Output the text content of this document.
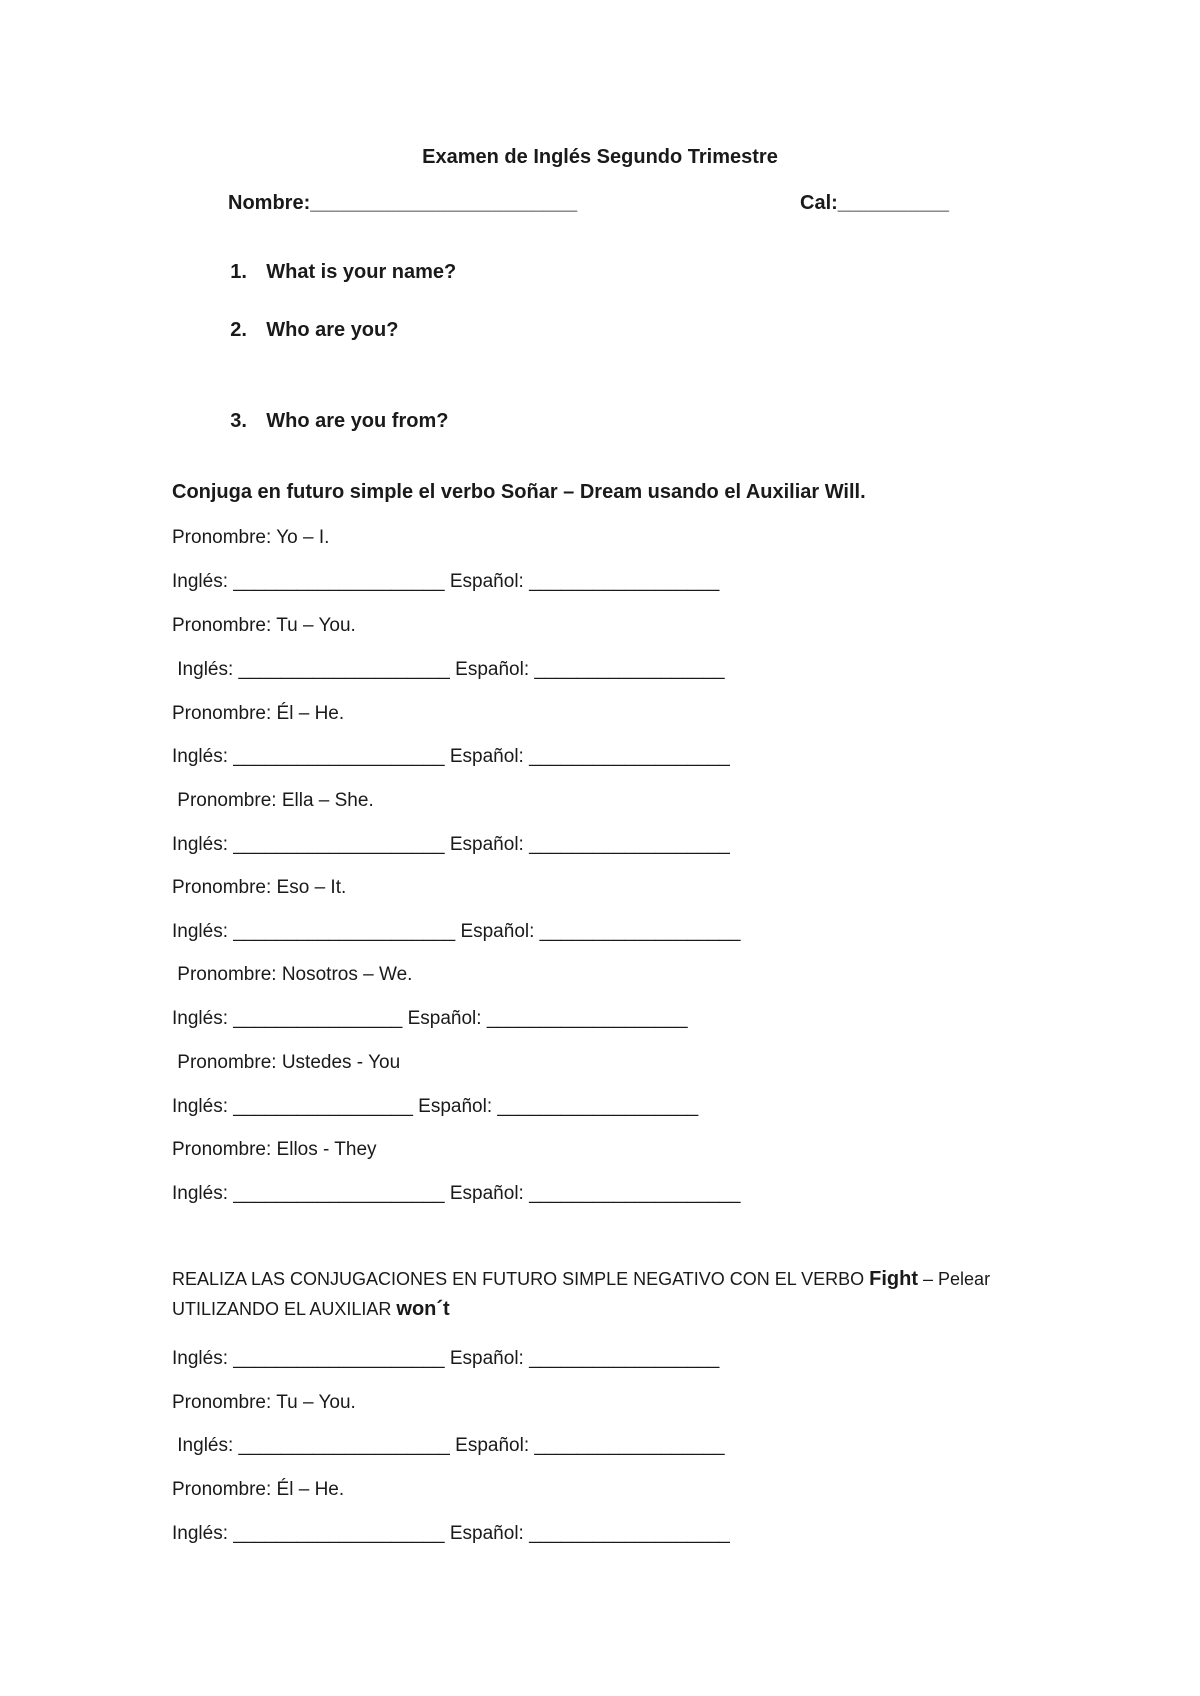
Examen de Inglés Segundo Trimestre
Nombre:________________________	Cal:__________

1. What is your name?

2. Who are you?

3. Who are you from?

Conjuga en futuro simple el verbo Soñar – Dream usando el Auxiliar Will.
Pronombre: Yo – I.
Inglés: ____________________ Español: __________________
Pronombre: Tu – You.
Inglés: ____________________ Español: __________________
Pronombre: Él – He.
Inglés: ____________________ Español: ___________________
Pronombre: Ella – She.
Inglés: ____________________ Español: ___________________
Pronombre: Eso – It.
Inglés: _____________________ Español: ___________________
Pronombre: Nosotros – We.
Inglés: ________________ Español: ___________________
Pronombre: Ustedes - You
Inglés: _________________ Español: ___________________
Pronombre: Ellos - They
Inglés: ____________________ Español: ____________________
REALIZA LAS CONJUGACIONES EN FUTURO SIMPLE NEGATIVO CON EL VERBO Fight – Pelear UTILIZANDO EL AUXILIAR won´t
Inglés: ____________________ Español: __________________
Pronombre: Tu – You.
Inglés: ____________________ Español: __________________
Pronombre: Él – He.
Inglés: ____________________ Español: ___________________
